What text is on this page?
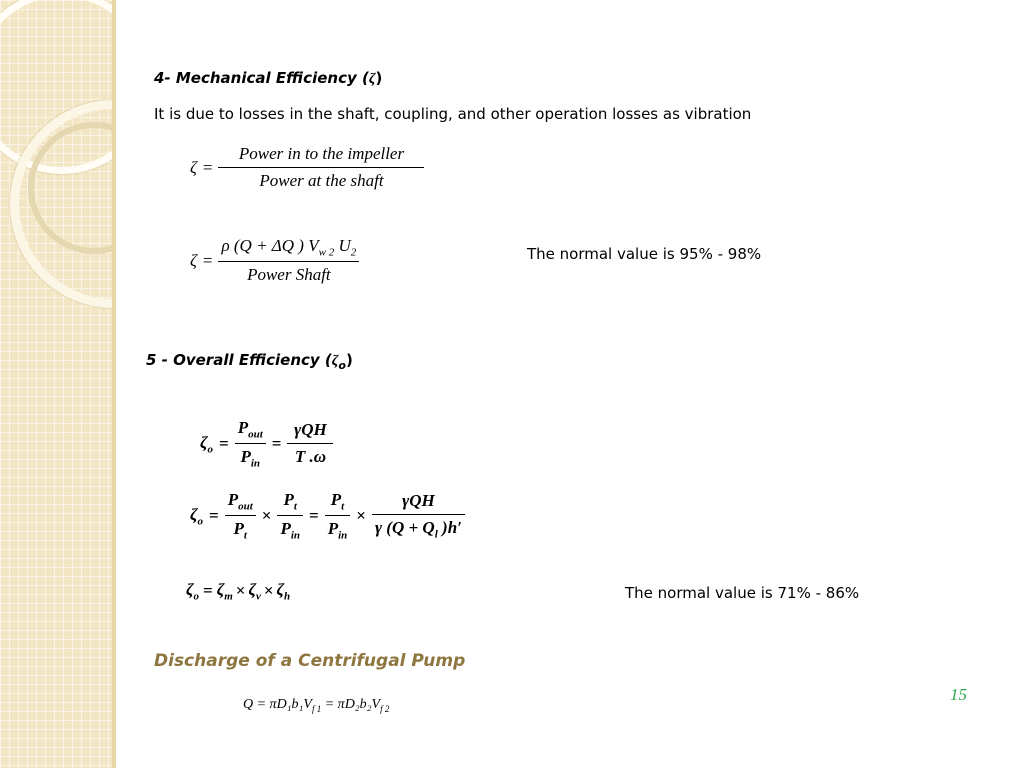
4- Mechanical Efficiency (ζ)
It is due to losses in the shaft, coupling, and other operation losses as vibration
$\zeta = \frac{\text{Power in to the impeller}}{\text{Power at the shaft}}$
$\zeta = \frac{\rho (Q + \Delta Q ) V_{w 2} U_2}{\text{Power Shaft}}$	The normal value is 95% - 98%
5 - Overall Efficiency $(\zeta_o)$
$\zeta_o = \frac{P_{out}}{P_{in}} = \frac{\text{γQH}}{T .\omega}$
$\zeta_o = \frac{P_{out}}{P_t} \times \frac{P_t}{P_{in}} = \frac{P_t}{P_{in}} \times \frac{\text{γQH}}{\gamma (Q + Q_l )h'}$
$\zeta_o = \zeta_m \times \zeta_v \times \zeta_h$	The normal value is 71% - 86%
Discharge of a Centrifugal Pump
$Q = \pi D_1b_1V_{f 1} = \pi D_2b_2V_{f 2}$
15
